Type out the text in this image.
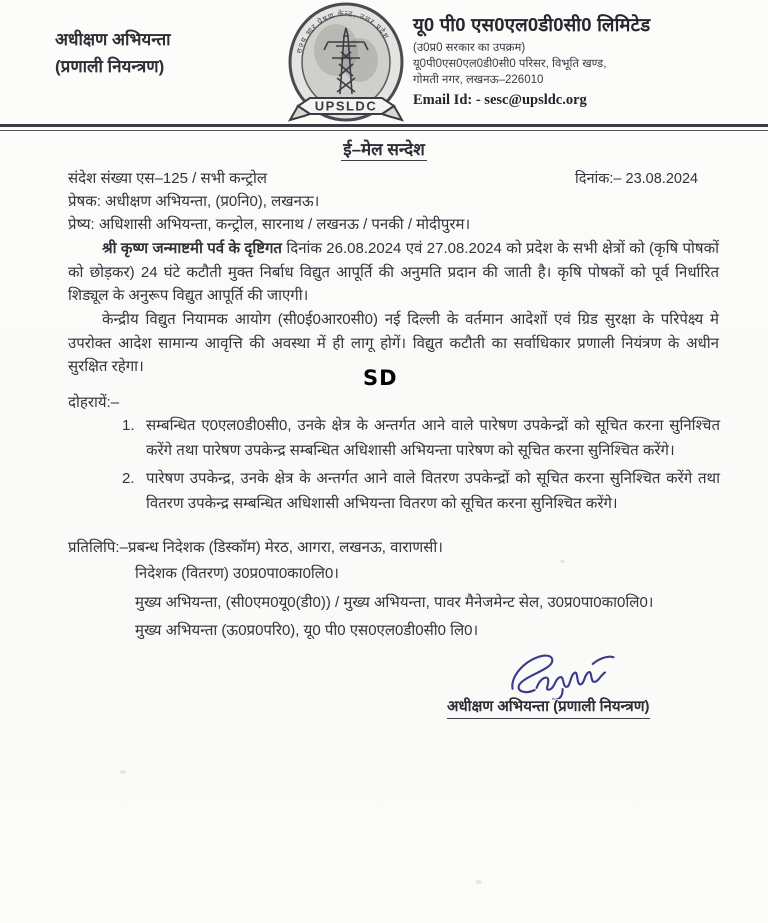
अधीक्षण अभियन्ता
(प्रणाली नियन्त्रण)
राज्य भार प्रेषण केन्द्र, उत्तर प्रदेश
UPSLDC
यू0 पी0 एस0एल0डी0सी0 लिमिटेड
(उ0प्र0 सरकार का उपक्रम)
यू0पी0एस0एल0डी0सी0 परिसर, विभूति खण्ड,
गोमती नगर, लखनऊ–226010
Email Id: - sesc@upsldc.org
ई–मेल सन्देश
संदेश संख्या एस–125 / सभी कन्ट्रोल	दिनांक:– 23.08.2024
प्रेषक: अधीक्षण अभियन्ता, (प्र0नि0), लखनऊ।
प्रेष्य: अधिशासी अभियन्ता, कन्ट्रोल, सारनाथ / लखनऊ / पनकी / मोदीपुरम।
श्री कृष्ण जन्माष्टमी पर्व के दृष्टिगत दिनांक 26.08.2024 एवं 27.08.2024 को प्रदेश के सभी क्षेत्रों को (कृषि पोषकों को छोड़कर) 24 घंटे कटौती मुक्त निर्बाध विद्युत आपूर्ति की अनुमति प्रदान की जाती है। कृषि पोषकों को पूर्व निर्धारित शिड्यूल के अनुरूप विद्युत आपूर्ति की जाएगी।
केन्द्रीय विद्युत नियामक आयोग (सी0ई0आर0सी0) नई दिल्ली के वर्तमान आदेशों एवं ग्रिड सुरक्षा के परिपेक्ष्य मे उपरोक्त आदेश सामान्य आवृत्ति की अवस्था में ही लागू होगें। विद्युत कटौती का सर्वाधिकार प्रणाली नियंत्रण के अधीन सुरक्षित रहेगा।	SD
दोहरायें:–
1. सम्बन्धित ए0एल0डी0सी0, उनके क्षेत्र के अन्तर्गत आने वाले पारेषण उपकेन्द्रों को सूचित करना सुनिश्चित करेंगे तथा पारेषण उपकेन्द्र सम्बन्धित अधिशासी अभियन्ता पारेषण को सूचित करना सुनिश्चित करेंगे।
2. पारेषण उपकेन्द्र, उनके क्षेत्र के अन्तर्गत आने वाले वितरण उपकेन्द्रों को सूचित करना सुनिश्चित करेंगे तथा वितरण उपकेन्द्र सम्बन्धित अधिशासी अभियन्ता वितरण को सूचित करना सुनिश्चित करेंगे।
प्रतिलिपि:–प्रबन्ध निदेशक (डिस्कॉम) मेरठ, आगरा, लखनऊ, वाराणसी।
निदेशक (वितरण) उ0प्र0पा0का0लि0।
मुख्य अभियन्ता, (सी0एम0यू0(डी0)) / मुख्य अभियन्ता, पावर मैनेजमेन्ट सेल, उ0प्र0पा0का0लि0।
मुख्य अभियन्ता (ऊ0प्र0परि0), यू0 पी0 एस0एल0डी0सी0 लि0।
अधीक्षण अभियन्ता (प्रणाली नियन्त्रण)
